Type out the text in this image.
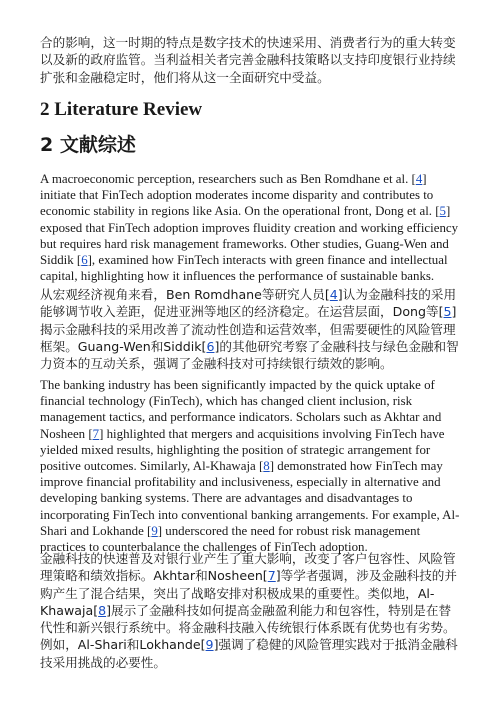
合的影响，这一时期的特点是数字技术的快速采用、消费者行为的重大转变以及新的政府监管。当利益相关者完善金融科技策略以支持印度银行业持续扩张和金融稳定时，他们将从这一全面研究中受益。

2 Literature Review
2 文献综述

A macroeconomic perception, researchers such as Ben Romdhane et al. [4] initiate that FinTech adoption moderates income disparity and contributes to economic stability in regions like Asia. On the operational front, Dong et al. [5] exposed that FinTech adoption improves fluidity creation and working efficiency but requires hard risk management frameworks. Other studies, Guang-Wen and Siddik [6], examined how FinTech interacts with green finance and intellectual capital, highlighting how it influences the performance of sustainable banks.

从宏观经济视角来看，Ben Romdhane等研究人员[4]认为金融科技的采用能够调节收入差距，促进亚洲等地区的经济稳定。在运营层面，Dong等[5]揭示金融科技的采用改善了流动性创造和运营效率，但需要硬性的风险管理框架。Guang-Wen和Siddik[6]的其他研究考察了金融科技与绿色金融和智力资本的互动关系，强调了金融科技对可持续银行绩效的影响。

The banking industry has been significantly impacted by the quick uptake of financial technology (FinTech), which has changed client inclusion, risk management tactics, and performance indicators. Scholars such as Akhtar and Nosheen [7] highlighted that mergers and acquisitions involving FinTech have yielded mixed results, highlighting the position of strategic arrangement for positive outcomes. Similarly, Al-Khawaja [8] demonstrated how FinTech may improve financial profitability and inclusiveness, especially in alternative and developing banking systems. There are advantages and disadvantages to incorporating FinTech into conventional banking arrangements. For example, Al-Shari and Lokhande [9] underscored the need for robust risk management practices to counterbalance the challenges of FinTech adoption.

金融科技的快速普及对银行业产生了重大影响，改变了客户包容性、风险管理策略和绩效指标。Akhtar和Nosheen[7]等学者强调，涉及金融科技的并购产生了混合结果，突出了战略安排对积极成果的重要性。类似地，Al-Khawaja[8]展示了金融科技如何提高金融盈利能力和包容性，特别是在替代性和新兴银行系统中。将金融科技融入传统银行体系既有优势也有劣势。例如，Al-Shari和Lokhande[9]强调了稳健的风险管理实践对于抵消金融科技采用挑战的必要性。
